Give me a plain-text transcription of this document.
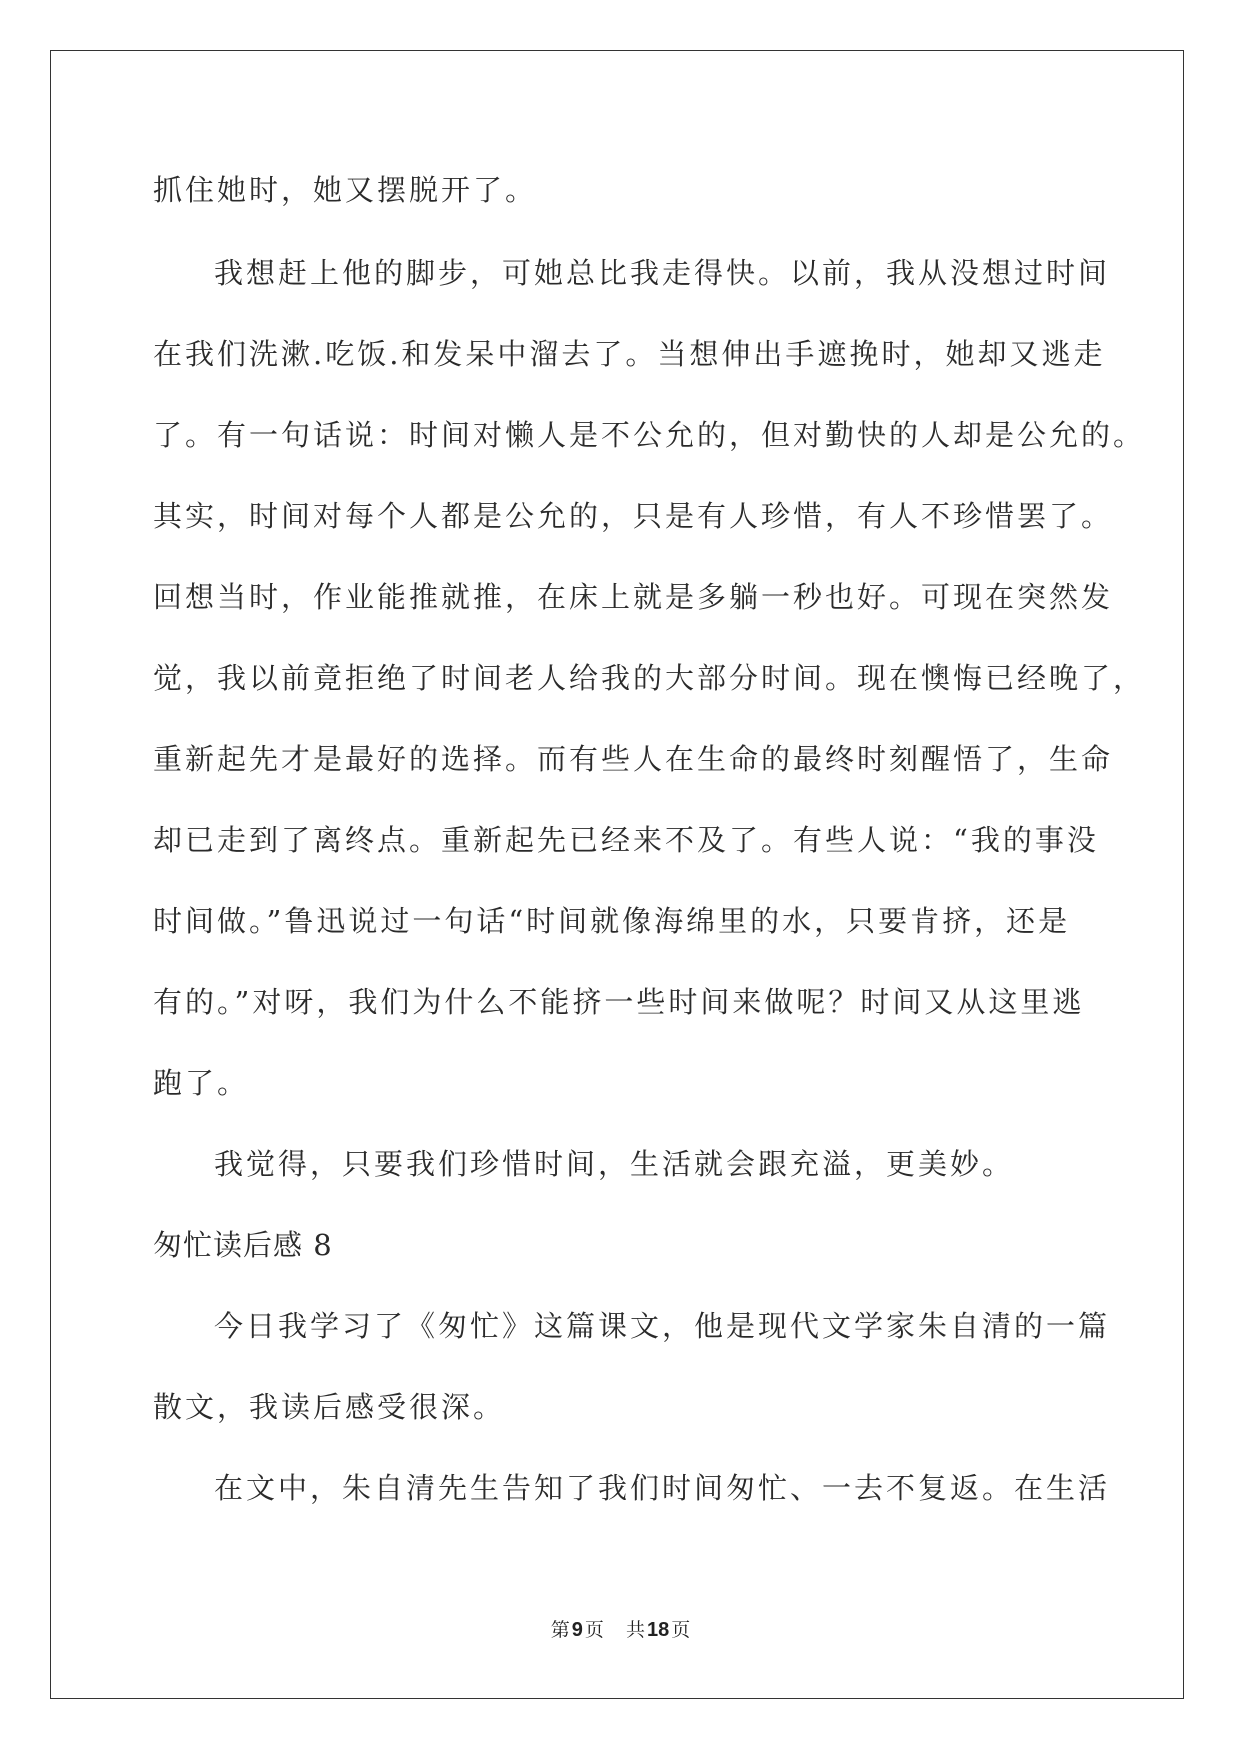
抓住她时，她又摆脱开了。

我想赶上他的脚步，可她总比我走得快。以前，我从没想过时间

在我们洗漱.吃饭.和发呆中溜去了。当想伸出手遮挽时，她却又逃走

了。有一句话说：时间对懒人是不公允的，但对勤快的人却是公允的。

其实，时间对每个人都是公允的，只是有人珍惜，有人不珍惜罢了。

回想当时，作业能推就推，在床上就是多躺一秒也好。可现在突然发

觉，我以前竟拒绝了时间老人给我的大部分时间。现在懊悔已经晚了，

重新起先才是最好的选择。而有些人在生命的最终时刻醒悟了，生命

却已走到了离终点。重新起先已经来不及了。有些人说：“我的事没

时间做。”鲁迅说过一句话“时间就像海绵里的水，只要肯挤，还是

有的。”对呀，我们为什么不能挤一些时间来做呢？时间又从这里逃

跑了。

我觉得，只要我们珍惜时间，生活就会跟充溢，更美妙。

匆忙读后感 8

今日我学习了《匆忙》这篇课文，他是现代文学家朱自清的一篇

散文，我读后感受很深。

在文中，朱自清先生告知了我们时间匆忙、一去不复返。在生活

第 9 页 共 18 页
